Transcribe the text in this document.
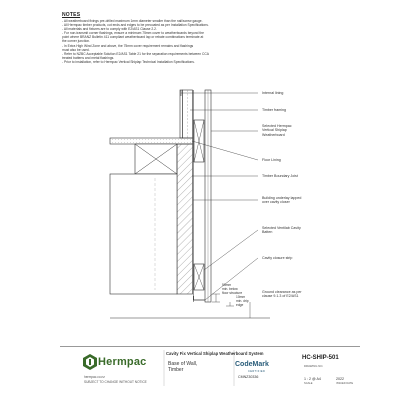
NOTES

- All weatherboard fixings pre-drilled maximum 1mm diameter smaller than the nail/screw gauge.
- All Hermpac timber products, cut ends and edges to be precoated as per Installation Specifications.
- All materials and fixtures are to comply with E2/AS1 Clause 2.2.
- For non-transmit corner flashings, ensure a minimum 75mm cover to weatherboards beyond the
point where BRANZ Bulletin 411 compliant weatherboard lap or rebate combinations terminate at
the corner junction.
- In Extra High Wind Zone and above, the 75mm cover requirement remains and flashings
must also be used.
- Refer to NZBC Acceptable Solution E2/AS1 Table 21 for the separation requirements between CCA
treated battens and metal flashings.
- Prior to installation, refer to Hermpac Vertical Shiplap Technical Installation Specifications.
Internal lining
Timber framing
Selected Hermpac
Vertical Shiplap
Weatherboard
Floor Lining
Timber Boundary Joist
Building underlay lapped
over cavity closer
Selected Ventilab Cavity
Batten
Cavity closure strip
Ground clearance as per
clause 9.1.3 of E2/AS1
50mm
min. below
floor structure
10mm
min. drip
edge
Hermpac
hermpac.co.nz
SUBJECT TO CHANGE WITHOUT NOTICE
Cavity Fix Vertical Shiplap Weatherboard System
Base of Wall,
Timber
CodeMark
CERTIFIED
CMNZ30336
HC-SHIP-501
DRAWING NO.
1 : 2 @ A4
SCALE
2022
ISSUED DATE
